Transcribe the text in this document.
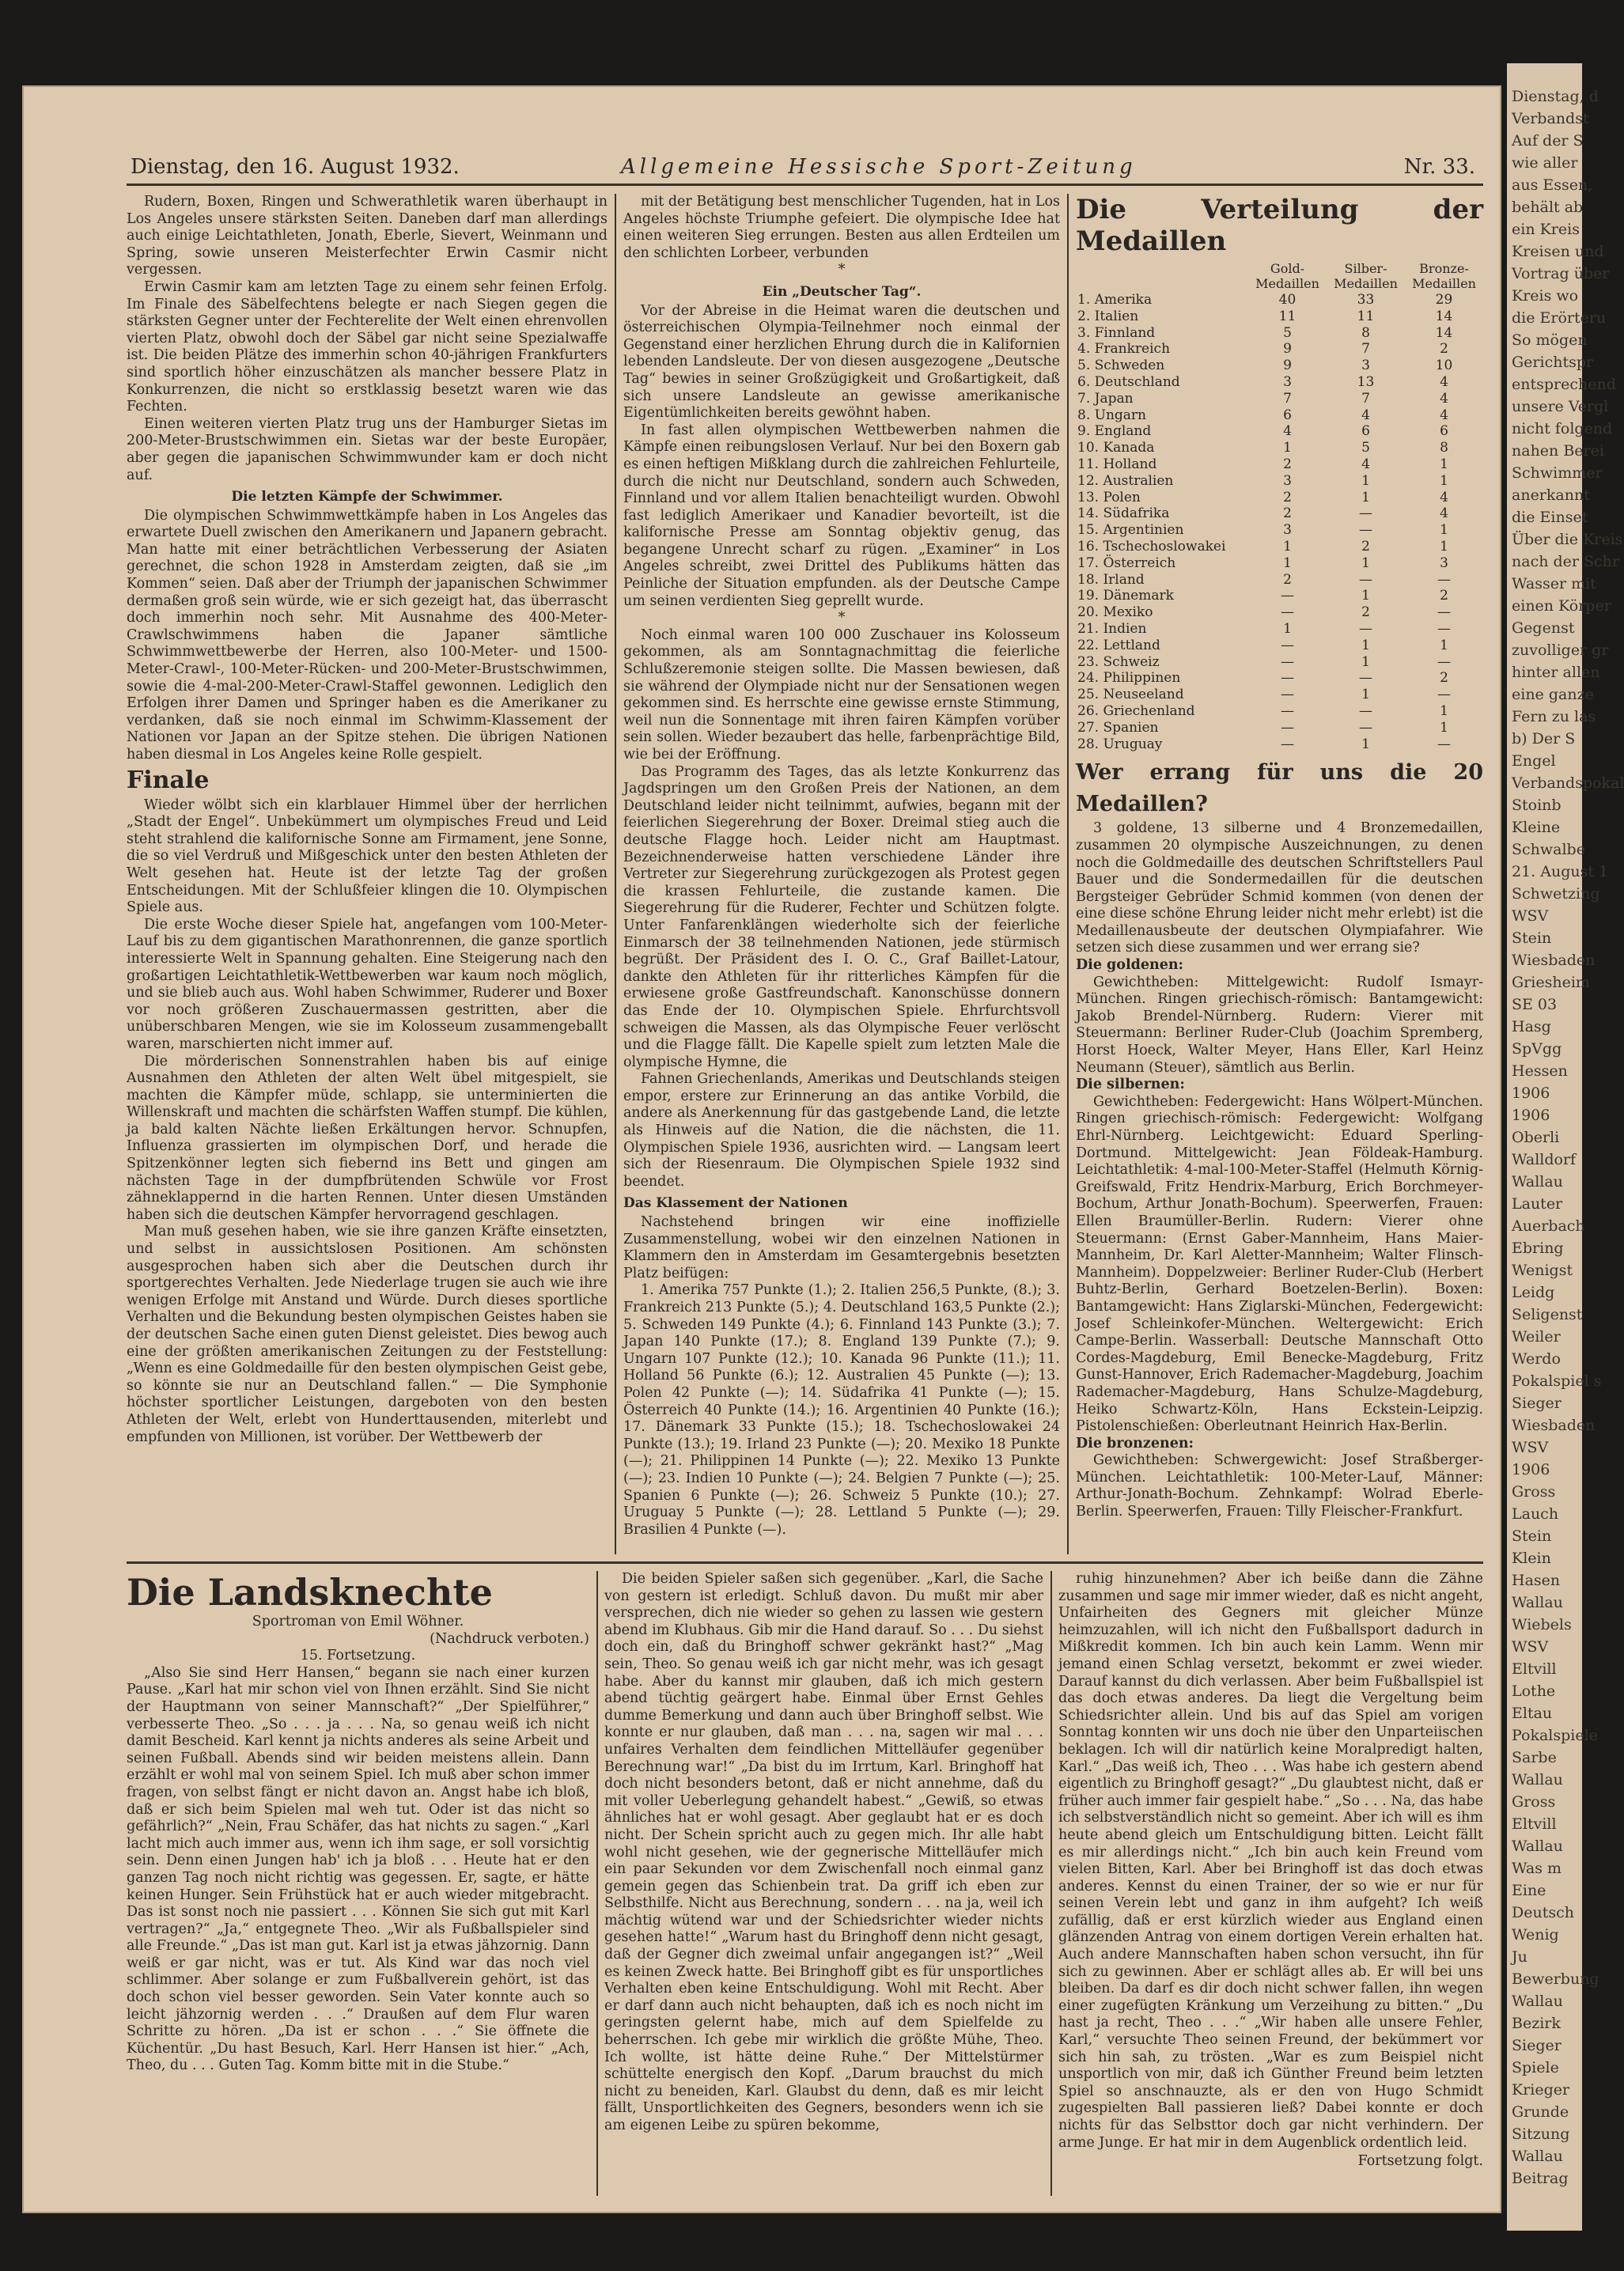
Dienstag, den 16. August 1932.	Allgemeine Hessische Sport-Zeitung	Nr. 33.

Rudern, Boxen, Ringen und Schwerathletik waren überhaupt in Los Angeles unsere stärksten Seiten. Daneben darf man allerdings auch einige Leichtathleten, Jonath, Eberle, Sievert, Weinmann und Spring, sowie unseren Meisterfechter Erwin Casmir nicht vergessen.

Erwin Casmir kam am letzten Tage zu einem sehr feinen Erfolg. Im Finale des Säbelfechtens belegte er nach Siegen gegen die stärksten Gegner unter der Fechterelite der Welt einen ehrenvollen vierten Platz, obwohl doch der Säbel gar nicht seine Spezialwaffe ist. Die beiden Plätze des immerhin schon 40-jährigen Frankfurters sind sportlich höher einzuschätzen als mancher bessere Platz in Konkurrenzen, die nicht so erstklassig besetzt waren wie das Fechten.

Einen weiteren vierten Platz trug uns der Hamburger Sietas im 200-Meter-Brustschwimmen ein. Sietas war der beste Europäer, aber gegen die japanischen Schwimmwunder kam er doch nicht auf.

Die letzten Kämpfe der Schwimmer.

Die olympischen Schwimmwettkämpfe haben in Los Angeles das erwartete Duell zwischen den Amerikanern und Japanern gebracht. Man hatte mit einer beträchtlichen Verbesserung der Asiaten gerechnet, die schon 1928 in Amsterdam zeigten, daß sie „im Kommen“ seien. Daß aber der Triumph der japanischen Schwimmer dermaßen groß sein würde, wie er sich gezeigt hat, das überrascht doch immerhin noch sehr. Mit Ausnahme des 400-Meter-Crawlschwimmens haben die Japaner sämtliche Schwimmwettbewerbe der Herren, also 100-Meter- und 1500-Meter-Crawl-, 100-Meter-Rücken- und 200-Meter-Brustschwimmen, sowie die 4-mal-200-Meter-Crawl-Staffel gewonnen. Lediglich den Erfolgen ihrer Damen und Springer haben es die Amerikaner zu verdanken, daß sie noch einmal im Schwimm-Klassement der Nationen vor Japan an der Spitze stehen. Die übrigen Nationen haben diesmal in Los Angeles keine Rolle gespielt.

Finale

Wieder wölbt sich ein klarblauer Himmel über der herrlichen „Stadt der Engel“. Unbekümmert um olympisches Freud und Leid steht strahlend die kalifornische Sonne am Firmament, jene Sonne, die so viel Verdruß und Mißgeschick unter den besten Athleten der Welt gesehen hat. Heute ist der letzte Tag der großen Entscheidungen. Mit der Schlußfeier klingen die 10. Olympischen Spiele aus.

Die erste Woche dieser Spiele hat, angefangen vom 100-Meter-Lauf bis zu dem gigantischen Marathonrennen, die ganze sportlich interessierte Welt in Spannung gehalten. Eine Steigerung nach den großartigen Leichtathletik-Wettbewerben war kaum noch möglich, und sie blieb auch aus. Wohl haben Schwimmer, Ruderer und Boxer vor noch größeren Zuschauermassen gestritten, aber die unüberschbaren Mengen, wie sie im Kolosseum zusammengeballt waren, marschierten nicht immer auf.

Die mörderischen Sonnenstrahlen haben bis auf einige Ausnahmen den Athleten der alten Welt übel mitgespielt, sie machten die Kämpfer müde, schlapp, sie unterminierten die Willenskraft und machten die schärfsten Waffen stumpf. Die kühlen, ja bald kalten Nächte ließen Erkältungen hervor. Schnupfen, Influenza grassierten im olympischen Dorf, und herade die Spitzenkönner legten sich fiebernd ins Bett und gingen am nächsten Tage in der dumpfbrütenden Schwüle vor Frost zähneklappernd in die harten Rennen. Unter diesen Umständen haben sich die deutschen Kämpfer hervorragend geschlagen.

Man muß gesehen haben, wie sie ihre ganzen Kräfte einsetzten, und selbst in aussichtslosen Positionen. Am schönsten ausgesprochen haben sich aber die Deutschen durch ihr sportgerechtes Verhalten. Jede Niederlage trugen sie auch wie ihre wenigen Erfolge mit Anstand und Würde. Durch dieses sportliche Verhalten und die Bekundung besten olympischen Geistes haben sie der deutschen Sache einen guten Dienst geleistet. Dies bewog auch eine der größten amerikanischen Zeitungen zu der Feststellung: „Wenn es eine Goldmedaille für den besten olympischen Geist gebe, so könnte sie nur an Deutschland fallen.“ — Die Symphonie höchster sportlicher Leistungen, dargeboten von den besten Athleten der Welt, erlebt von Hunderttausenden, miterlebt und empfunden von Millionen, ist vorüber. Der Wettbewerb der

mit der Betätigung best menschlicher Tugenden, hat in Los Angeles höchste Triumphe gefeiert. Die olympische Idee hat einen weiteren Sieg errungen. Besten aus allen Erdteilen um den schlichten Lorbeer, verbunden

*
Ein „Deutscher Tag“.

Vor der Abreise in die Heimat waren die deutschen und österreichischen Olympia-Teilnehmer noch einmal der Gegenstand einer herzlichen Ehrung durch die in Kalifornien lebenden Landsleute. Der von diesen ausgezogene „Deutsche Tag“ bewies in seiner Großzügigkeit und Großartigkeit, daß sich unsere Landsleute an gewisse amerikanische Eigentümlichkeiten bereits gewöhnt haben.

In fast allen olympischen Wettbewerben nahmen die Kämpfe einen reibungslosen Verlauf. Nur bei den Boxern gab es einen heftigen Mißklang durch die zahlreichen Fehlurteile, durch die nicht nur Deutschland, sondern auch Schweden, Finnland und vor allem Italien benachteiligt wurden. Obwohl fast lediglich Amerikaer und Kanadier bevorteilt, ist die kalifornische Presse am Sonntag objektiv genug, das begangene Unrecht scharf zu rügen. „Examiner“ in Los Angeles schreibt, zwei Drittel des Publikums hätten das Peinliche der Situation empfunden. als der Deutsche Campe um seinen verdienten Sieg geprellt wurde.

*

Noch einmal waren 100 000 Zuschauer ins Kolosseum gekommen, als am Sonntagnachmittag die feierliche Schlußzeremonie steigen sollte. Die Massen bewiesen, daß sie während der Olympiade nicht nur der Sensationen wegen gekommen sind. Es herrschte eine gewisse ernste Stimmung, weil nun die Sonnentage mit ihren fairen Kämpfen vorüber sein sollen. Wieder bezaubert das helle, farbenprächtige Bild, wie bei der Eröffnung.

Das Programm des Tages, das als letzte Konkurrenz das Jagdspringen um den Großen Preis der Nationen, an dem Deutschland leider nicht teilnimmt, aufwies, begann mit der feierlichen Siegerehrung der Boxer. Dreimal stieg auch die deutsche Flagge hoch. Leider nicht am Hauptmast. Bezeichnenderweise hatten verschiedene Länder ihre Vertreter zur Siegerehrung zurückgezogen als Protest gegen die krassen Fehlurteile, die zustande kamen. Die Siegerehrung für die Ruderer, Fechter und Schützen folgte. Unter Fanfarenklängen wiederholte sich der feierliche Einmarsch der 38 teilnehmenden Nationen, jede stürmisch begrüßt. Der Präsident des I. O. C., Graf Baillet-Latour, dankte den Athleten für ihr ritterliches Kämpfen für die erwiesene große Gastfreundschaft. Kanonschüsse donnern das Ende der 10. Olympischen Spiele. Ehrfurchtsvoll schweigen die Massen, als das Olympische Feuer verlöscht und die Flagge fällt. Die Kapelle spielt zum letzten Male die olympische Hymne, die

Fahnen Griechenlands, Amerikas und Deutschlands steigen empor, erstere zur Erinnerung an das antike Vorbild, die andere als Anerkennung für das gastgebende Land, die letzte als Hinweis auf die Nation, die die nächsten, die 11. Olympischen Spiele 1936, ausrichten wird. — Langsam leert sich der Riesenraum. Die Olympischen Spiele 1932 sind beendet.

Das Klassement der Nationen

Nachstehend bringen wir eine inoffizielle Zusammenstellung, wobei wir den einzelnen Nationen in Klammern den in Amsterdam im Gesamtergebnis besetzten Platz beifügen:

1. Amerika 757 Punkte (1.); 2. Italien 256,5 Punkte, (8.); 3. Frankreich 213 Punkte (5.); 4. Deutschland 163,5 Punkte (2.); 5. Schweden 149 Punkte (4.); 6. Finnland 143 Punkte (3.); 7. Japan 140 Punkte (17.); 8. England 139 Punkte (7.); 9. Ungarn 107 Punkte (12.); 10. Kanada 96 Punkte (11.); 11. Holland 56 Punkte (6.); 12. Australien 45 Punkte (—); 13. Polen 42 Punkte (—); 14. Südafrika 41 Punkte (—); 15. Österreich 40 Punkte (14.); 16. Argentinien 40 Punkte (16.); 17. Dänemark 33 Punkte (15.); 18. Tschechoslowakei 24 Punkte (13.); 19. Irland 23 Punkte (—); 20. Mexiko 18 Punkte (—); 21. Philippinen 14 Punkte (—); 22. Mexiko 13 Punkte (—); 23. Indien 10 Punkte (—); 24. Belgien 7 Punkte (—); 25. Spanien 6 Punkte (—); 26. Schweiz 5 Punkte (10.); 27. Uruguay 5 Punkte (—); 28. Lettland 5 Punkte (—); 29. Brasilien 4 Punkte (—).

Die Verteilung der Medaillen
	Gold-Medaillen	Silber-Medaillen	Bronze-Medaillen
1. Amerika	40	33	29
2. Italien	11	11	14
3. Finnland	5	8	14
4. Frankreich	9	7	2
5. Schweden	9	3	10
6. Deutschland	3	13	4
7. Japan	7	7	4
8. Ungarn	6	4	4
9. England	4	6	6
10. Kanada	1	5	8
11. Holland	2	4	1
12. Australien	3	1	1
13. Polen	2	1	4
14. Südafrika	2	—	4
15. Argentinien	3	—	1
16. Tschechoslowakei	1	2	1
17. Österreich	1	1	3
18. Irland	2	—	—
19. Dänemark	—	1	2
20. Mexiko	—	2	—
21. Indien	1	—	—
22. Lettland	—	1	1
23. Schweiz	—	1	—
24. Philippinen	—	—	2
25. Neuseeland	—	1	—
26. Griechenland	—	—	1
27. Spanien	—	—	1
28. Uruguay	—	1	—
Wer errang für uns die 20 Medaillen?

3 goldene, 13 silberne und 4 Bronzemedaillen, zusammen 20 olympische Auszeichnungen, zu denen noch die Goldmedaille des deutschen Schriftstellers Paul Bauer und die Sondermedaillen für die deutschen Bergsteiger Gebrüder Schmid kommen (von denen der eine diese schöne Ehrung leider nicht mehr erlebt) ist die Medaillenausbeute der deutschen Olympiafahrer. Wie setzen sich diese zusammen und wer errang sie?

Die goldenen:

Gewichtheben: Mittelgewicht: Rudolf Ismayr-München. Ringen griechisch-römisch: Bantamgewicht: Jakob Brendel-Nürnberg. Rudern: Vierer mit Steuermann: Berliner Ruder-Club (Joachim Spremberg, Horst Hoeck, Walter Meyer, Hans Eller, Karl Heinz Neumann (Steuer), sämtlich aus Berlin.

Die silbernen:

Gewichtheben: Federgewicht: Hans Wölpert-München. Ringen griechisch-römisch: Federgewicht: Wolfgang Ehrl-Nürnberg. Leichtgewicht: Eduard Sperling-Dortmund. Mittelgewicht: Jean Földeak-Hamburg. Leichtathletik: 4-mal-100-Meter-Staffel (Helmuth Körnig-Greifswald, Fritz Hendrix-Marburg, Erich Borchmeyer-Bochum, Arthur Jonath-Bochum). Speerwerfen, Frauen: Ellen Braumüller-Berlin. Rudern: Vierer ohne Steuermann: (Ernst Gaber-Mannheim, Hans Maier-Mannheim, Dr. Karl Aletter-Mannheim; Walter Flinsch-Mannheim). Doppelzweier: Berliner Ruder-Club (Herbert Buhtz-Berlin, Gerhard Boetzelen-Berlin). Boxen: Bantamgewicht: Hans Ziglarski-München, Federgewicht: Josef Schleinkofer-München. Weltergewicht: Erich Campe-Berlin. Wasserball: Deutsche Mannschaft Otto Cordes-Magdeburg, Emil Benecke-Magdeburg, Fritz Gunst-Hannover, Erich Rademacher-Magdeburg, Joachim Rademacher-Magdeburg, Hans Schulze-Magdeburg, Heiko Schwartz-Köln, Hans Eckstein-Leipzig. Pistolenschießen: Oberleutnant Heinrich Hax-Berlin.

Die bronzenen:

Gewichtheben: Schwergewicht: Josef Straßberger-München. Leichtathletik: 100-Meter-Lauf, Männer: Arthur-Jonath-Bochum. Zehnkampf: Wolrad Eberle-Berlin. Speerwerfen, Frauen: Tilly Fleischer-Frankfurt.

Die Landsknechte
Sportroman von Emil Wöhner.
(Nachdruck verboten.)
15. Fortsetzung.

„Also Sie sind Herr Hansen,“ begann sie nach einer kurzen Pause. „Karl hat mir schon viel von Ihnen erzählt. Sind Sie nicht der Hauptmann von seiner Mannschaft?“ „Der Spielführer,“ verbesserte Theo. „So . . . ja . . . Na, so genau weiß ich nicht damit Bescheid. Karl kennt ja nichts anderes als seine Arbeit und seinen Fußball. Abends sind wir beiden meistens allein. Dann erzählt er wohl mal von seinem Spiel. Ich muß aber schon immer fragen, von selbst fängt er nicht davon an. Angst habe ich bloß, daß er sich beim Spielen mal weh tut. Oder ist das nicht so gefährlich?“ „Nein, Frau Schäfer, das hat nichts zu sagen.“ „Karl lacht mich auch immer aus, wenn ich ihm sage, er soll vorsichtig sein. Denn einen Jungen hab' ich ja bloß . . . Heute hat er den ganzen Tag noch nicht richtig was gegessen. Er, sagte, er hätte keinen Hunger. Sein Frühstück hat er auch wieder mitgebracht. Das ist sonst noch nie passiert . . . Können Sie sich gut mit Karl vertragen?“ „Ja,“ entgegnete Theo. „Wir als Fußballspieler sind alle Freunde.“ „Das ist man gut. Karl ist ja etwas jähzornig. Dann weiß er gar nicht, was er tut. Als Kind war das noch viel schlimmer. Aber solange er zum Fußballverein gehört, ist das doch schon viel besser geworden. Sein Vater konnte auch so leicht jähzornig werden . . .“ Draußen auf dem Flur waren Schritte zu hören. „Da ist er schon . . .“ Sie öffnete die Küchentür. „Du hast Besuch, Karl. Herr Hansen ist hier.“ „Ach, Theo, du . . . Guten Tag. Komm bitte mit in die Stube.“

Die beiden Spieler saßen sich gegenüber. „Karl, die Sache von gestern ist erledigt. Schluß davon. Du mußt mir aber versprechen, dich nie wieder so gehen zu lassen wie gestern abend im Klubhaus. Gib mir die Hand darauf. So . . . Du siehst doch ein, daß du Bringhoff schwer gekränkt hast?“ „Mag sein, Theo. So genau weiß ich gar nicht mehr, was ich gesagt habe. Aber du kannst mir glauben, daß ich mich gestern abend tüchtig geärgert habe. Einmal über Ernst Gehles dumme Bemerkung und dann auch über Bringhoff selbst. Wie konnte er nur glauben, daß man . . . na, sagen wir mal . . . unfaires Verhalten dem feindlichen Mittelläufer gegenüber Berechnung war!“ „Da bist du im Irrtum, Karl. Bringhoff hat doch nicht besonders betont, daß er nicht annehme, daß du mit voller Ueberlegung gehandelt habest.“ „Gewiß, so etwas ähnliches hat er wohl gesagt. Aber geglaubt hat er es doch nicht. Der Schein spricht auch zu gegen mich. Ihr alle habt wohl nicht gesehen, wie der gegnerische Mittelläufer mich ein paar Sekunden vor dem Zwischenfall noch einmal ganz gemein gegen das Schienbein trat. Da griff ich eben zur Selbsthilfe. Nicht aus Berechnung, sondern . . . na ja, weil ich mächtig wütend war und der Schiedsrichter wieder nichts gesehen hatte!“ „Warum hast du Bringhoff denn nicht gesagt, daß der Gegner dich zweimal unfair angegangen ist?“ „Weil es keinen Zweck hatte. Bei Bringhoff gibt es für unsportliches Verhalten eben keine Entschuldigung. Wohl mit Recht. Aber er darf dann auch nicht behaupten, daß ich es noch nicht im geringsten gelernt habe, mich auf dem Spielfelde zu beherrschen. Ich gebe mir wirklich die größte Mühe, Theo. Ich wollte, ist hätte deine Ruhe.“ Der Mittelstürmer schüttelte energisch den Kopf. „Darum brauchst du mich nicht zu beneiden, Karl. Glaubst du denn, daß es mir leicht fällt, Unsportlichkeiten des Gegners, besonders wenn ich sie am eigenen Leibe zu spüren bekomme,

ruhig hinzunehmen? Aber ich beiße dann die Zähne zusammen und sage mir immer wieder, daß es nicht angeht, Unfairheiten des Gegners mit gleicher Münze heimzuzahlen, will ich nicht den Fußballsport dadurch in Mißkredit kommen. Ich bin auch kein Lamm. Wenn mir jemand einen Schlag versetzt, bekommt er zwei wieder. Darauf kannst du dich verlassen. Aber beim Fußballspiel ist das doch etwas anderes. Da liegt die Vergeltung beim Schiedsrichter allein. Und bis auf das Spiel am vorigen Sonntag konnten wir uns doch nie über den Unparteiischen beklagen. Ich will dir natürlich keine Moralpredigt halten, Karl.“ „Das weiß ich, Theo . . . Was habe ich gestern abend eigentlich zu Bringhoff gesagt?“ „Du glaubtest nicht, daß er früher auch immer fair gespielt habe.“ „So . . . Na, das habe ich selbstverständlich nicht so gemeint. Aber ich will es ihm heute abend gleich um Entschuldigung bitten. Leicht fällt es mir allerdings nicht.“ „Ich bin auch kein Freund vom vielen Bitten, Karl. Aber bei Bringhoff ist das doch etwas anderes. Kennst du einen Trainer, der so wie er nur für seinen Verein lebt und ganz in ihm aufgeht? Ich weiß zufällig, daß er erst kürzlich wieder aus England einen glänzenden Antrag von einem dortigen Verein erhalten hat. Auch andere Mannschaften haben schon versucht, ihn für sich zu gewinnen. Aber er schlägt alles ab. Er will bei uns bleiben. Da darf es dir doch nicht schwer fallen, ihn wegen einer zugefügten Kränkung um Verzeihung zu bitten.“ „Du hast ja recht, Theo . . .“ „Wir haben alle unsere Fehler, Karl,“ versuchte Theo seinen Freund, der bekümmert vor sich hin sah, zu trösten. „War es zum Beispiel nicht unsportlich von mir, daß ich Günther Freund beim letzten Spiel so anschnauzte, als er den von Hugo Schmidt zugespielten Ball passieren ließ? Dabei konnte er doch nichts für das Selbsttor doch gar nicht verhindern. Der arme Junge. Er hat mir in dem Augenblick ordentlich leid.

Fortsetzung folgt.
Dienstag, d
Verbandst
Auf der S
wie aller
aus Essen,
behält ab
ein Kreis
Kreisen und
Vortrag über
Kreis wo
die Erörteru
So mögen
Gerichtspr
entsprechend
unsere Vergl
nicht folgend
nahen Berei
Schwimmer
anerkannt
die Einset
Über die Kreis
nach der Schr
Wasser mit
einen Körper
Gegenst
zuvolliger gr
hinter allen
eine ganze
Fern zu las
b) Der S
Engel
Verbandspokal
Stoinb
Kleine
Schwalbe
21. August 1
Schwetzing
WSV
Stein
Wiesbaden
Griesheim
SE 03
Hasg
SpVgg
Hessen
1906
1906
Oberli
Walldorf
Wallau
Lauter
Auerbach
Ebring
Wenigst
Leidg
Seligenst
Weiler
Werdo
Pokalspiel s
Sieger
Wiesbaden
WSV
1906
Gross
Lauch
Stein
Klein
Hasen
Wallau
Wiebels
WSV
Eltvill
Lothe
Eltau
Pokalspiele
Sarbe
Wallau
Gross
Eltvill
Wallau
Was m
Eine
Deutsch
Wenig
Ju
Bewerbung
Wallau
Bezirk
Sieger
Spiele
Krieger
Grunde
Sitzung
Wallau
Beitrag
